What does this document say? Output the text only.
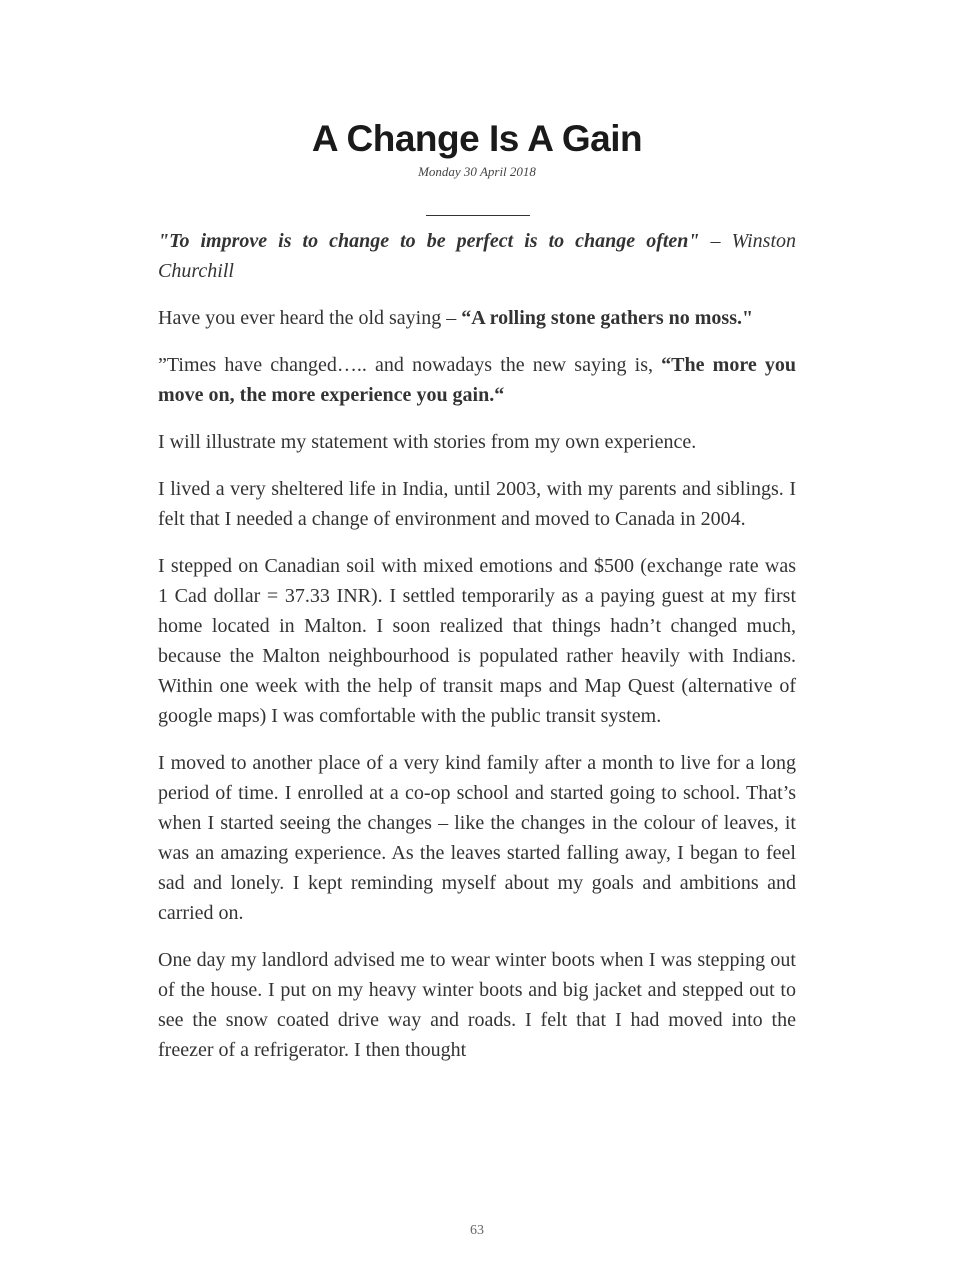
A Change Is A Gain
Monday 30 April 2018

"To improve is to change to be perfect is to change often" – Winston Churchill

Have you ever heard the old saying – “A rolling stone gathers no moss."

”Times have changed….. and nowadays the new saying is, “The more you move on, the more experience you gain.“

I will illustrate my statement with stories from my own experience.

I lived a very sheltered life in India, until 2003, with my parents and siblings. I felt that I needed a change of environment and moved to Canada in 2004.

I stepped on Canadian soil with mixed emotions and $500 (exchange rate was 1 Cad dollar = 37.33 INR). I settled temporarily as a paying guest at my first home located in Malton. I soon realized that things hadn’t changed much, because the Malton neighbourhood is populated rather heavily with Indians. Within one week with the help of transit maps and Map Quest (alternative of google maps) I was comfortable with the public transit system.

I moved to another place of a very kind family after a month to live for a long period of time. I enrolled at a co-op school and started going to school. That’s when I started seeing the changes – like the changes in the colour of leaves, it was an amazing experience. As the leaves started falling away, I began to feel sad and lonely. I kept reminding myself about my goals and ambitions and carried on.

One day my landlord advised me to wear winter boots when I was stepping out of the house. I put on my heavy winter boots and big jacket and stepped out to see the snow coated drive way and roads. I felt that I had moved into the freezer of a refrigerator. I then thought

63
